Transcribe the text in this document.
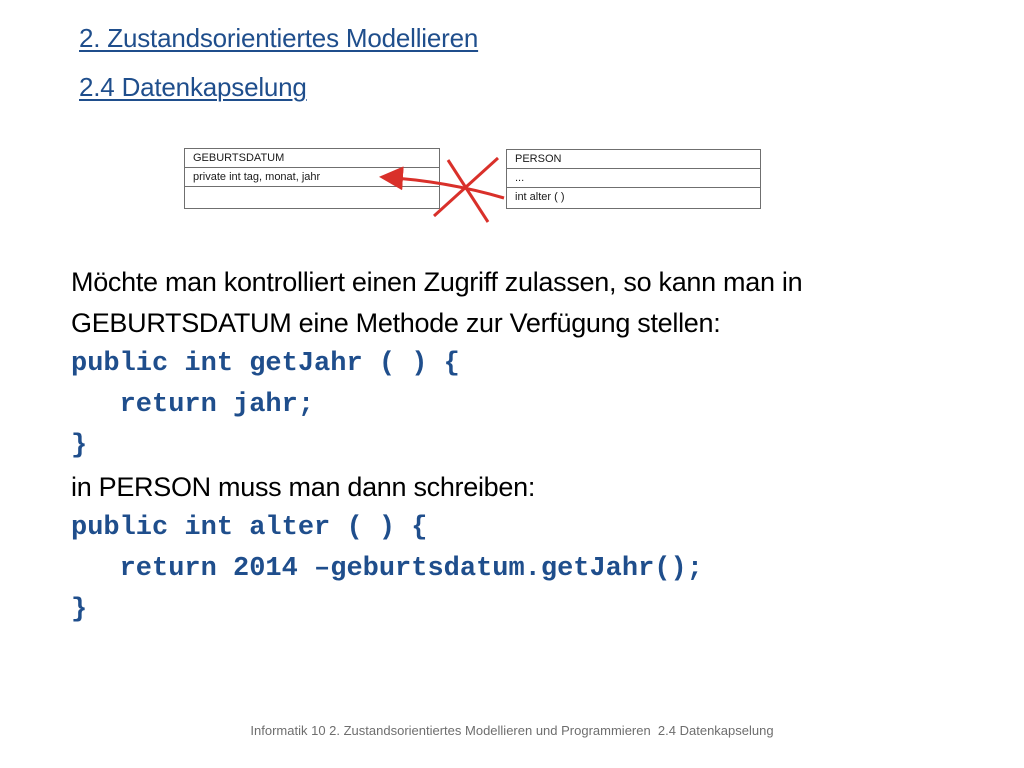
2. Zustandsorientiertes Modellieren
2.4 Datenkapselung
GEBURTSDATUM
private int tag, monat, jahr
PERSON
...
int alter ( )

Möchte man kontrolliert einen Zugriff zulassen, so kann man in

GEBURTSDATUM eine Methode zur Verfügung stellen:

public int getJahr ( ) {

return jahr;

}

in PERSON muss man dann schreiben:

public int alter ( ) {

return 2014 –geburtsdatum.getJahr();

}

Informatik 10 2. Zustandsorientiertes Modellieren und Programmieren  2.4 Datenkapselung
